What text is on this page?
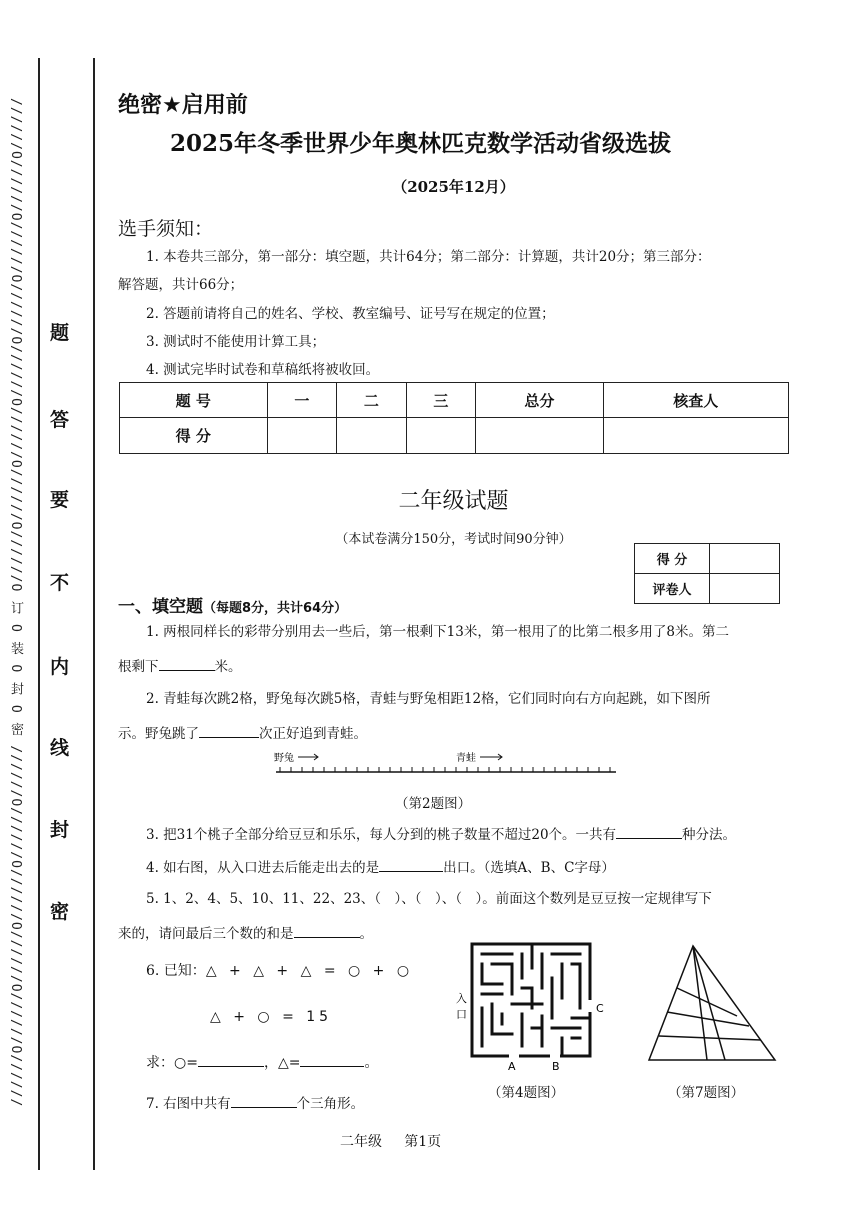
//////O//////O//////O//////O//////O//////O//////O//////O 订 O 装 O 封 O 密 //////O//////O//////O//////O//////O////// 题
答
要
不
内
线
封
密
绝密★启用前
2025年冬季世界少年奥林匹克数学活动省级选拔
（2025年12月）
选手须知：
1. 本卷共三部分，第一部分：填空题，共计64分；第二部分：计算题，共计20分；第三部分：
解答题，共计66分；
2. 答题前请将自己的姓名、学校、教室编号、证号写在规定的位置；
3. 测试时不能使用计算工具；
4. 测试完毕时试卷和草稿纸将被收回。
题 号	一	二	三	总分	核查人
得 分					
二年级试题
（本试卷满分150分，考试时间90分钟）
得 分	
评卷人	
一、填空题（每题8分，共计64分）
1. 两根同样长的彩带分别用去一些后，第一根剩下13米，第一根用了的比第二根多用了8米。第二
根剩下	米。
2. 青蛙每次跳2格，野兔每次跳5格，青蛙与野兔相距12格，它们同时向右方向起跳，如下图所
示。野兔跳了	次正好追到青蛙。
野兔	青蛙
（第2题图）
3. 把31个桃子全部分给豆豆和乐乐，每人分到的桃子数量不超过20个。一共有	种分法。
4. 如右图，从入口进去后能走出去的是	出口。（选填A、B、C字母）
5. 1、2、4、5、10、11、22、23、（　）、（　）、（　）。前面这个数列是豆豆按一定规律写下
来的，请问最后三个数的和是	。
6. 已知：△ + △ + △ = ○ + ○
△ + ○ = 15
求：○=	，△=	。
7. 右图中共有	个三角形。
入
口
A	B
C
（第4题图）	（第7题图）
二年级 第1页
